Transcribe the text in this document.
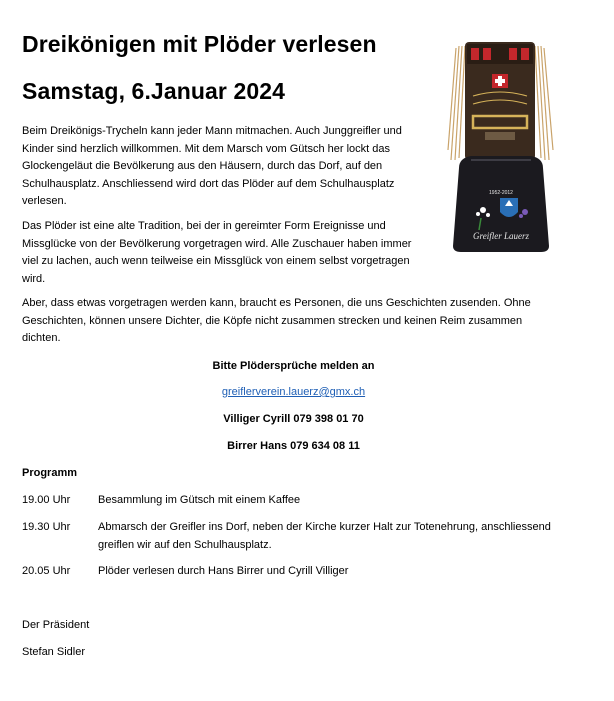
Dreikönigen mit Plöder verlesen
Samstag, 6.Januar 2024
Beim Dreikönigs-Trycheln kann jeder Mann mitmachen. Auch Junggreifler und Kinder sind herzlich willkommen. Mit dem Marsch vom Gütsch her lockt das Glockengeläut die Bevölkerung aus den Häusern, durch das Dorf, auf den Schulhausplatz. Anschliessend wird dort das Plöder auf dem Schulhausplatz verlesen.
Das Plöder ist eine alte Tradition, bei der in gereimter Form Ereignisse und Missglücke von der Bevölkerung vorgetragen wird. Alle Zuschauer haben immer viel zu lachen, auch wenn teilweise ein Missglück von einem selbst vorgetragen wird.
Aber, dass etwas vorgetragen werden kann, braucht es Personen, die uns Geschichten zusenden. Ohne Geschichten, können unsere Dichter, die Köpfe nicht zusammen strecken und keinen Reim zusammen dichten.
Bitte Plödersprüche melden an
greiflerverein.lauerz@gmx.ch
Villiger Cyrill 079 398 01 70
Birrer Hans 079 634 08 11
Programm
19.00 Uhr	Besammlung im Gütsch mit einem Kaffee
19.30 Uhr	Abmarsch der Greifler ins Dorf, neben der Kirche kurzer Halt zur Totenehrung, anschliessend greiflen wir auf den Schulhausplatz.
20.05 Uhr	Plöder verlesen durch Hans Birrer und Cyrill Villiger
Der Präsident
Stefan Sidler
1952-2012
Greifler Lauerz
